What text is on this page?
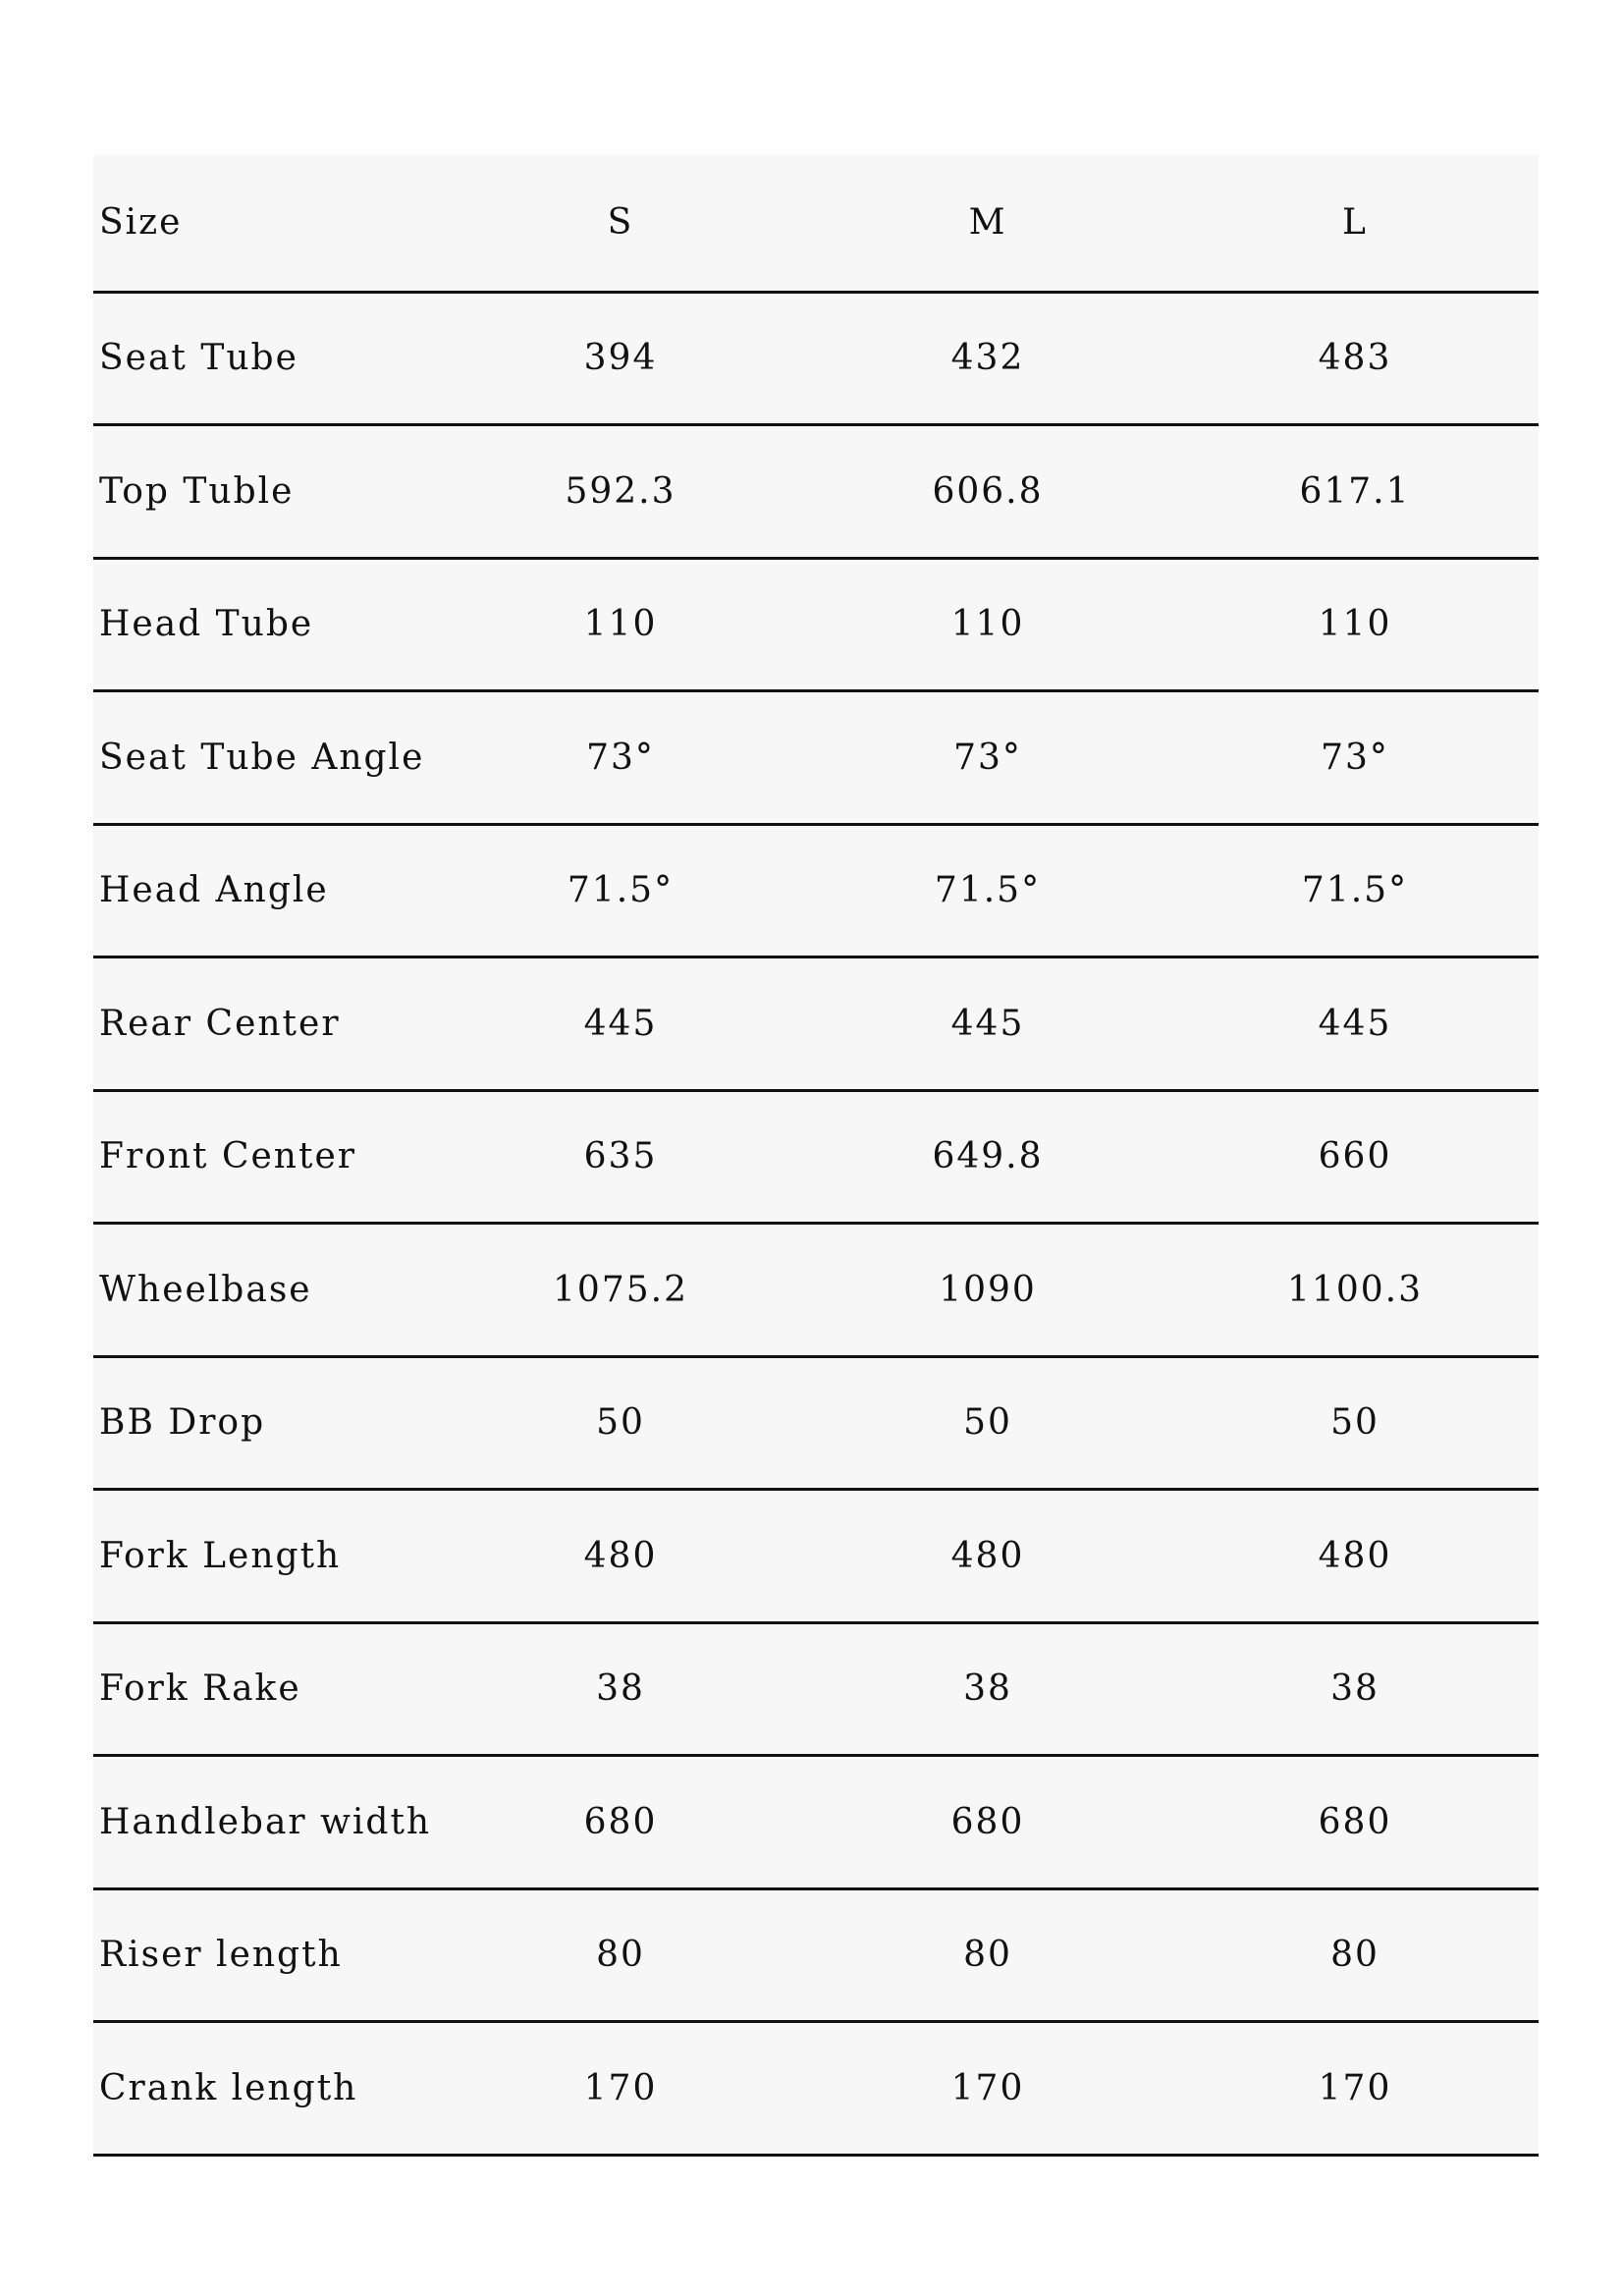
Size	S	M	L
Seat Tube	394	432	483
Top Tuble	592.3	606.8	617.1
Head Tube	110	110	110
Seat Tube Angle	73°	73°	73°
Head Angle	71.5°	71.5°	71.5°
Rear Center	445	445	445
Front Center	635	649.8	660
Wheelbase	1075.2	1090	1100.3
BB Drop	50	50	50
Fork Length	480	480	480
Fork Rake	38	38	38
Handlebar width	680	680	680
Riser length	80	80	80
Crank length	170	170	170
